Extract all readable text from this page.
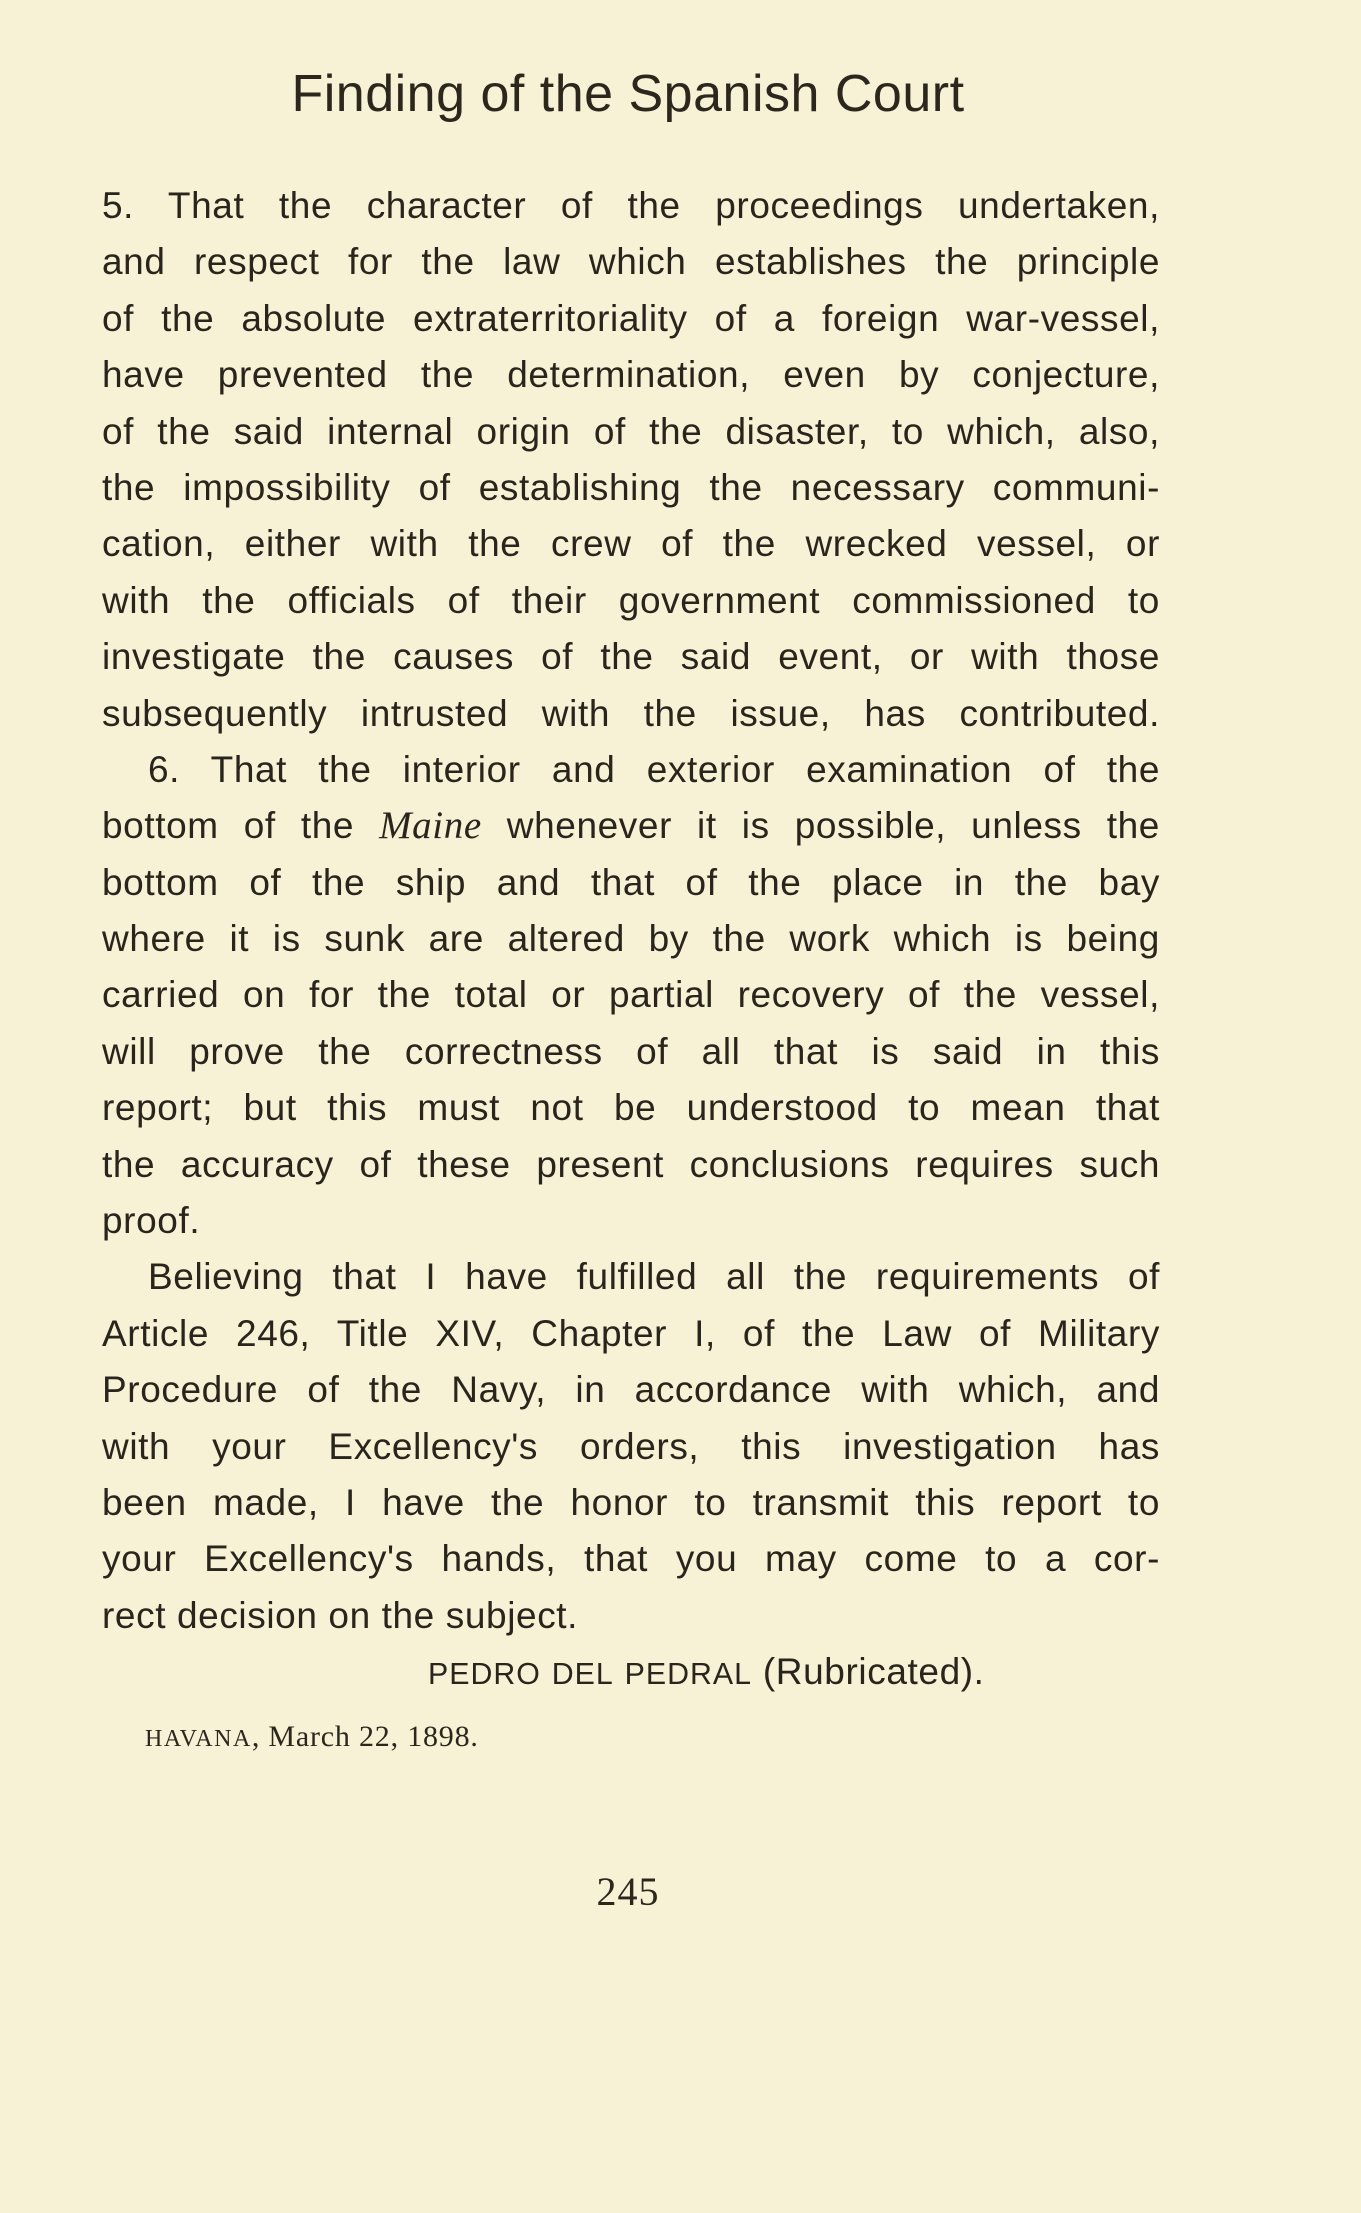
Finding of the Spanish Court
5. That the character of the proceedings undertaken,
and respect for the law which establishes the principle
of the absolute extraterritoriality of a foreign war-vessel,
have prevented the determination, even by conjecture,
of the said internal origin of the disaster, to which, also,
the impossibility of establishing the necessary communi-
cation, either with the crew of the wrecked vessel, or
with the officials of their government commissioned to
investigate the causes of the said event, or with those
subsequently intrusted with the issue, has contributed.
6. That the interior and exterior examination of the
bottom of the Maine whenever it is possible, unless the
bottom of the ship and that of the place in the bay
where it is sunk are altered by the work which is being
carried on for the total or partial recovery of the vessel,
will prove the correctness of all that is said in this
report; but this must not be understood to mean that
the accuracy of these present conclusions requires such
proof.
Believing that I have fulfilled all the requirements of
Article 246, Title XIV, Chapter I, of the Law of Military
Procedure of the Navy, in accordance with which, and
with your Excellency's orders, this investigation has
been made, I have the honor to transmit this report to
your Excellency's hands, that you may come to a cor-
rect decision on the subject.
PEDRO DEL PEDRAL (Rubricated).
HAVANA, March 22, 1898.
245
